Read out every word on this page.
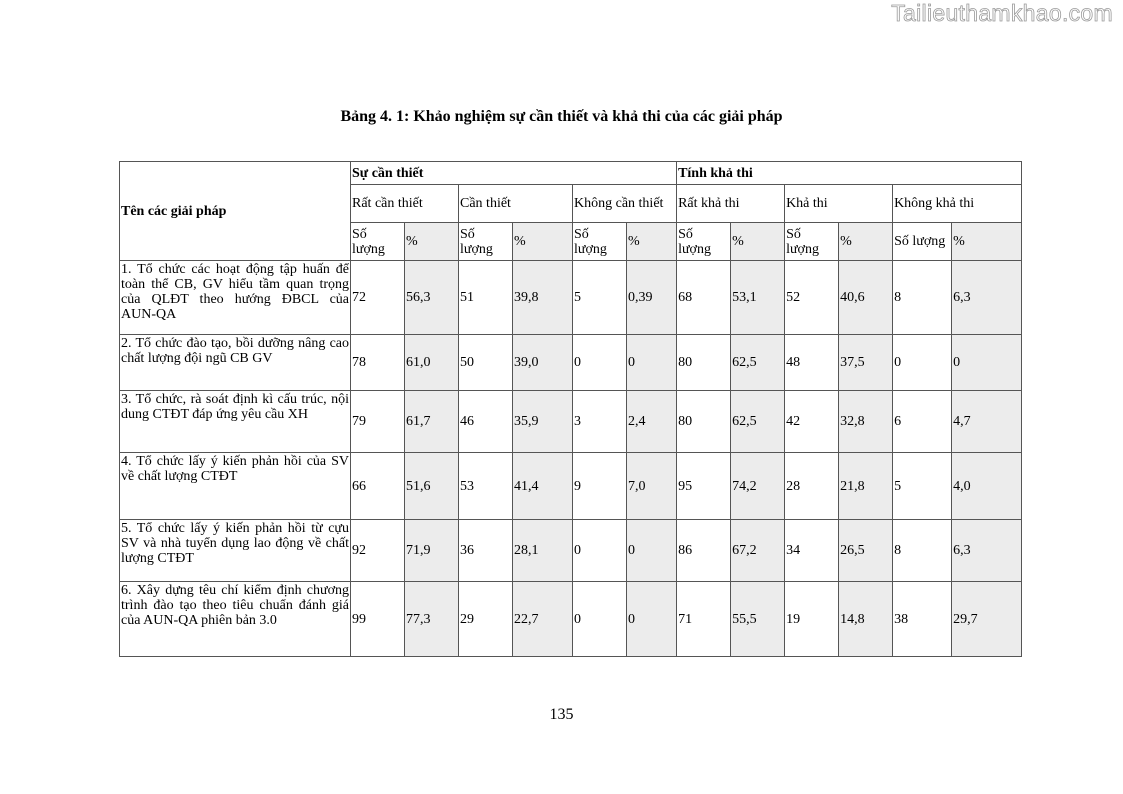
Tailieuthamkhao.com
Bảng 4. 1: Khảo nghiệm sự cần thiết và khả thi của các giải pháp
Tên các giải pháp	Sự cần thiết						Tính khả thi					
	Rất cần thiết		Cần thiết		Không cần thiết		Rất khả thi		Khả thi		Không khả thi	
	Số lượng	%	Số lượng	%	Số lượng	%	Số lượng	%	Số lượng	%	Số lượng	%
1. Tổ chức các hoạt động tập huấn để toàn thể CB, GV hiểu tầm quan trọng của QLĐT theo hướng ĐBCL của AUN-QA	72	56,3	51	39,8	5	0,39	68	53,1	52	40,6	8	6,3
2. Tổ chức đào tạo, bồi dưỡng nâng cao chất lượng đội ngũ CB GV	78	61,0	50	39,0	0	0	80	62,5	48	37,5	0	0
3. Tổ chức, rà soát định kì cấu trúc, nội dung CTĐT đáp ứng yêu cầu XH	79	61,7	46	35,9	3	2,4	80	62,5	42	32,8	6	4,7
4. Tổ chức lấy ý kiến phản hồi của SV về chất lượng CTĐT	66	51,6	53	41,4	9	7,0	95	74,2	28	21,8	5	4,0
5. Tổ chức lấy ý kiến phản hồi từ cựu SV và nhà tuyển dụng lao động về chất lượng CTĐT	92	71,9	36	28,1	0	0	86	67,2	34	26,5	8	6,3
6. Xây dựng têu chí kiểm định chương trình đào tạo theo tiêu chuẩn đánh giá của AUN-QA phiên bản 3.0	99	77,3	29	22,7	0	0	71	55,5	19	14,8	38	29,7
135
